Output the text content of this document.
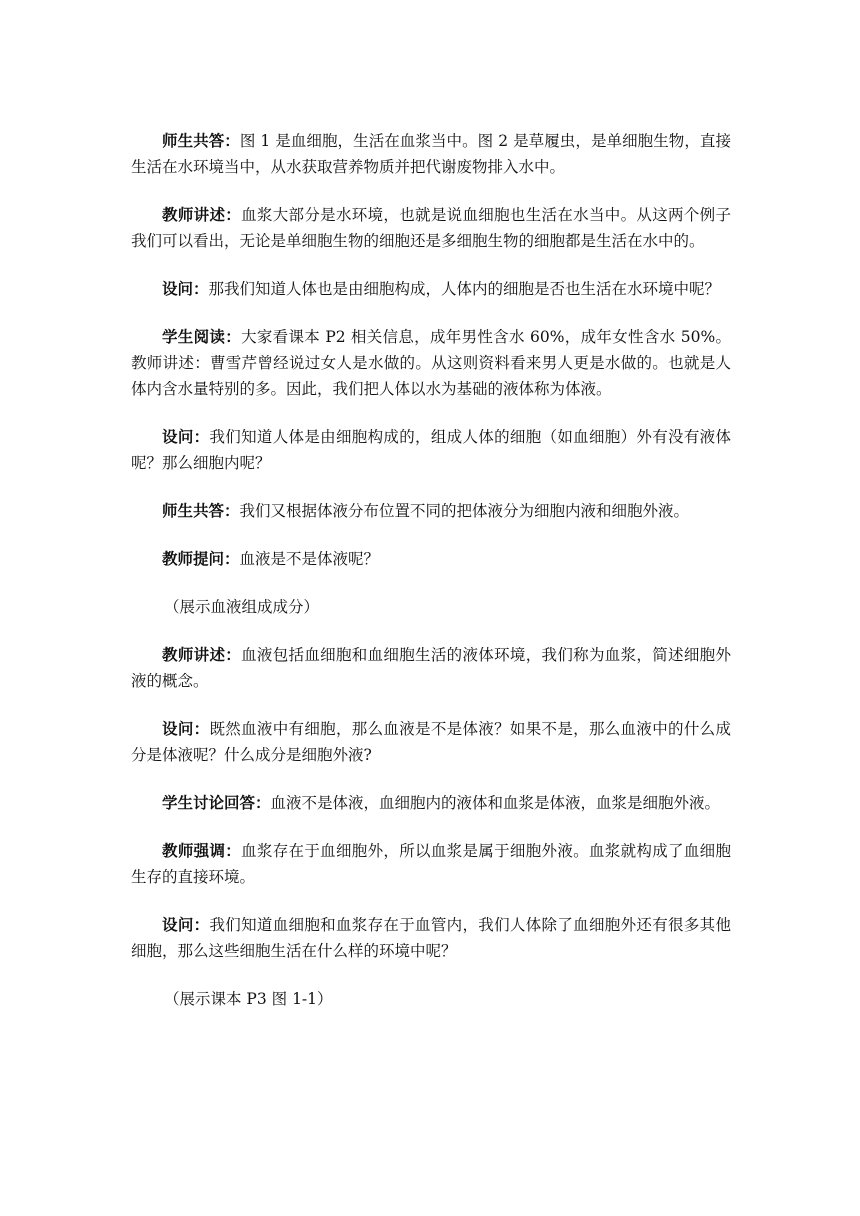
师生共答：图 1 是血细胞，生活在血浆当中。图 2 是草履虫，是单细胞生物，直接生活在水环境当中，从水获取营养物质并把代谢废物排入水中。

教师讲述：血浆大部分是水环境，也就是说血细胞也生活在水当中。从这两个例子我们可以看出，无论是单细胞生物的细胞还是多细胞生物的细胞都是生活在水中的。

设问：那我们知道人体也是由细胞构成，人体内的细胞是否也生活在水环境中呢？

学生阅读：大家看课本 P2 相关信息，成年男性含水 60%，成年女性含水 50%。教师讲述：曹雪芹曾经说过女人是水做的。从这则资料看来男人更是水做的。也就是人体内含水量特别的多。因此，我们把人体以水为基础的液体称为体液。

设问：我们知道人体是由细胞构成的，组成人体的细胞（如血细胞）外有没有液体呢？那么细胞内呢？

师生共答：我们又根据体液分布位置不同的把体液分为细胞内液和细胞外液。

教师提问：血液是不是体液呢？

（展示血液组成成分）

教师讲述：血液包括血细胞和血细胞生活的液体环境，我们称为血浆，简述细胞外液的概念。

设问：既然血液中有细胞，那么血液是不是体液？如果不是，那么血液中的什么成分是体液呢？什么成分是细胞外液?

学生讨论回答：血液不是体液，血细胞内的液体和血浆是体液，血浆是细胞外液。

教师强调：血浆存在于血细胞外，所以血浆是属于细胞外液。血浆就构成了血细胞生存的直接环境。

设问：我们知道血细胞和血浆存在于血管内，我们人体除了血细胞外还有很多其他细胞，那么这些细胞生活在什么样的环境中呢？

（展示课本 P3 图 1-1）
